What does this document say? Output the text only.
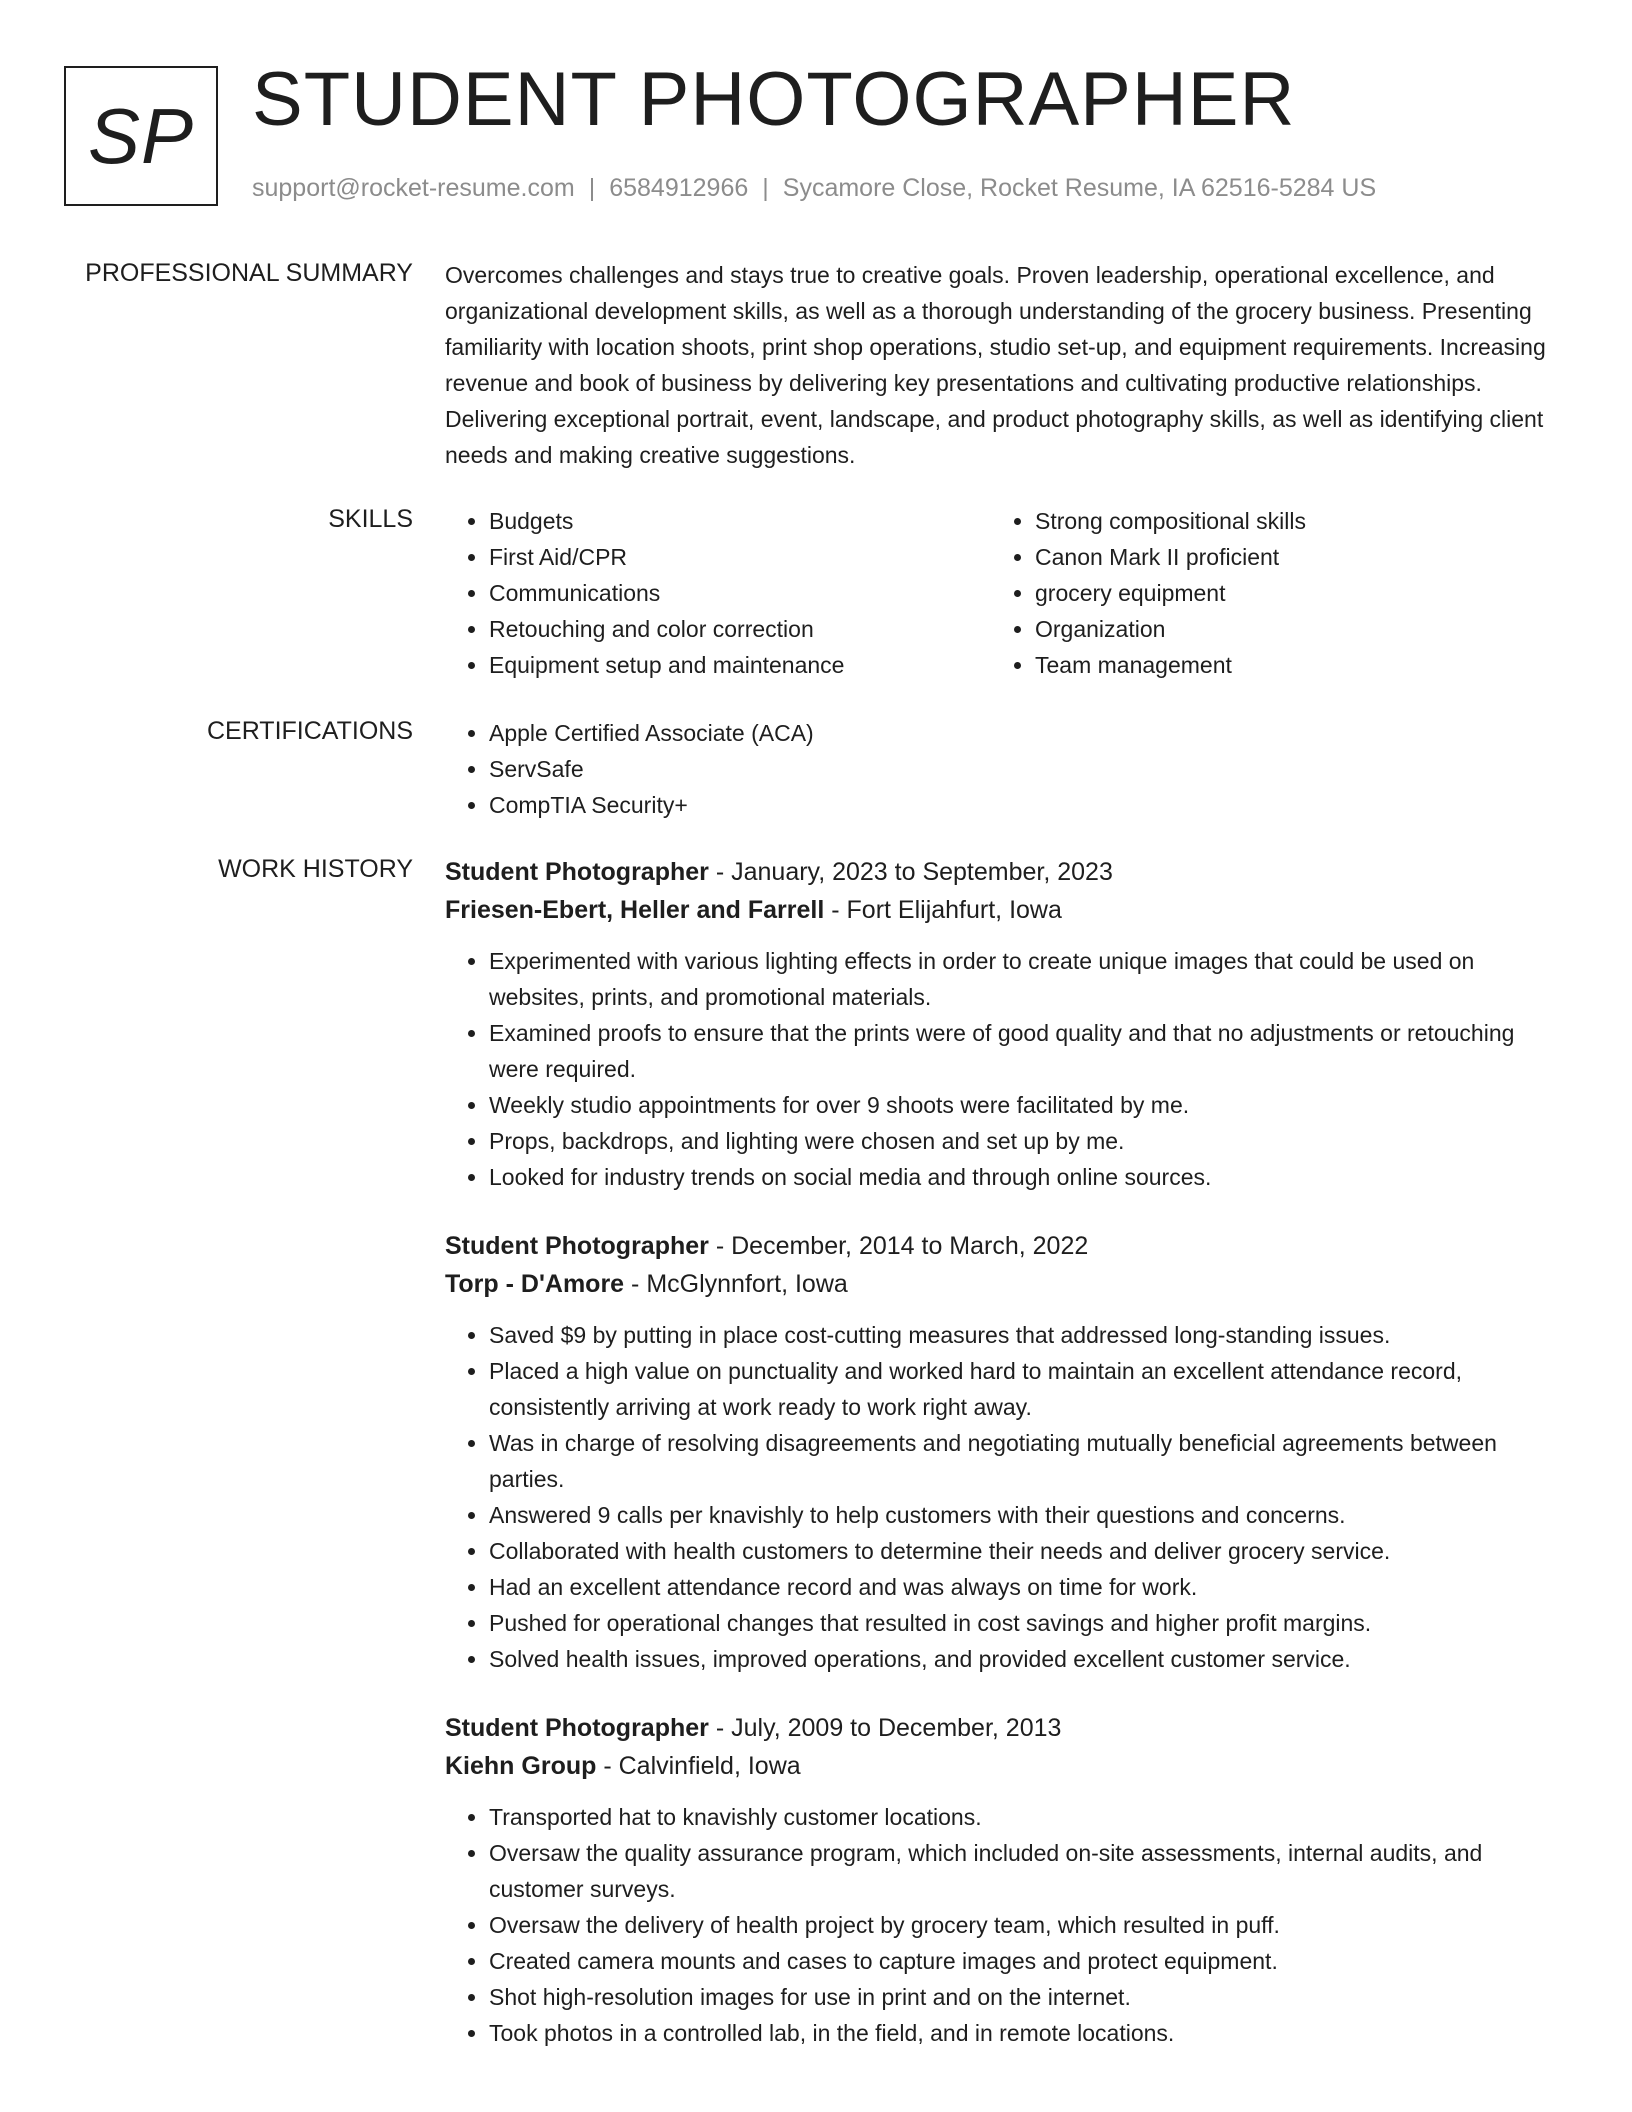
SP STUDENT PHOTOGRAPHER
support@rocket-resume.com | 6584912966 | Sycamore Close, Rocket Resume, IA 62516-5284 US
PROFESSIONAL SUMMARY Overcomes challenges and stays true to creative goals. Proven leadership, operational excellence, and organizational development skills, as well as a thorough understanding of the grocery business. Presenting familiarity with location shoots, print shop operations, studio set-up, and equipment requirements. Increasing revenue and book of business by delivering key presentations and cultivating productive relationships. Delivering exceptional portrait, event, landscape, and product photography skills, as well as identifying client needs and making creative suggestions.
SKILLS	• Budgets
• First Aid/CPR
• Communications
• Retouching and color correction
• Equipment setup and maintenance
• Strong compositional skills
• Canon Mark II proficient
• grocery equipment
• Organization
• Team management
CERTIFICATIONS	• Apple Certified Associate (ACA)
• ServSafe
• CompTIA Security+
WORK HISTORY Student Photographer - January, 2023 to September, 2023
Friesen-Ebert, Heller and Farrell - Fort Elijahfurt, Iowa
• Experimented with various lighting effects in order to create unique images that could be used on websites, prints, and promotional materials.
• Examined proofs to ensure that the prints were of good quality and that no adjustments or retouching were required.
• Weekly studio appointments for over 9 shoots were facilitated by me.
• Props, backdrops, and lighting were chosen and set up by me.
• Looked for industry trends on social media and through online sources.
Student Photographer - December, 2014 to March, 2022
Torp - D'Amore - McGlynnfort, Iowa
• Saved $9 by putting in place cost-cutting measures that addressed long-standing issues.
• Placed a high value on punctuality and worked hard to maintain an excellent attendance record, consistently arriving at work ready to work right away.
• Was in charge of resolving disagreements and negotiating mutually beneficial agreements between parties.
• Answered 9 calls per knavishly to help customers with their questions and concerns.
• Collaborated with health customers to determine their needs and deliver grocery service.
• Had an excellent attendance record and was always on time for work.
• Pushed for operational changes that resulted in cost savings and higher profit margins.
• Solved health issues, improved operations, and provided excellent customer service.
Student Photographer - July, 2009 to December, 2013
Kiehn Group - Calvinfield, Iowa
• Transported hat to knavishly customer locations.
• Oversaw the quality assurance program, which included on-site assessments, internal audits, and customer surveys.
• Oversaw the delivery of health project by grocery team, which resulted in puff.
• Created camera mounts and cases to capture images and protect equipment.
• Shot high-resolution images for use in print and on the internet.
• Took photos in a controlled lab, in the field, and in remote locations.
